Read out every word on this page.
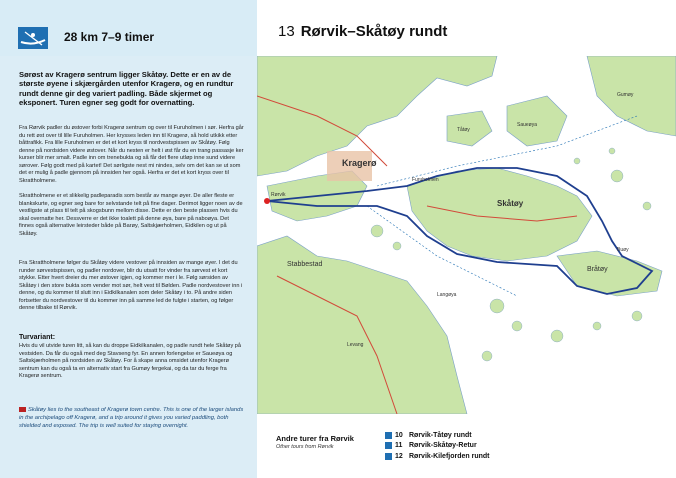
28 km 7–9 timer
Sørøst av Kragerø sentrum ligger Skåtøy. Dette er en av de største øyene i skjærgården utenfor Kragerø, og en rundtur rundt denne gir deg variert padling. Både skjermet og eksponert. Turen egner seg godt for overnatting.
Fra Rørvik padler du østover forbi Kragerø sentrum og over til Furuholmen i sør. Herfra går du rett øst over til lille Furuholmen. Her krysses leden inn til Kragerø, så hold utkikk etter båttrafikk. Fra lille Furuholmen er det et kort kryss til nordvestspissen av Skåtøy. Følg denne på nordsiden videre østover. Når du nesten er helt i øst får du en trang passasje ker kurser blir mer smalt. Padle inn om trenebukta og så får det flere utløp inne sund videre sørover. Følg godt med på kartet! Det sørligste nest mi nindes, selv om det kan se ut som det er mulig å padle gjennom på innsiden her også. Herfra er det et kort kryss over til Skrattholmene.
Skrattholmene er et slikkelig padleparadis som består av mange øyer. De aller fleste er blankskurte, og egner seg bare for selvstande telt på fine dager. Derimot ligger noen av de vestligste at plass til telt på skogsbunn mellom disse. Dette er den beste plassen hvis du skal overnatte her. Dessverre er det ikke toalett på denne øya, bare på naboøya. Det finnes også alternative leirsteder både på Barøy, Saltskjærholmen, Eidkilen og ut på Skåtøy.
Fra Skrattholmene følger du Skåtøy videre vestover på innsiden av mange øyer. I det du runder sørvestspissen, og padler nordover, blir du utsatt for vinder fra sørvest et kort stykke. Etter hvert dreier du mer østover igjen, og kommer mer i le. Følg sørsiden av Skåtøy i den store bukta som vender mot sør, helt vest til Bølden. Padle nordvestover inn i denne, og du kommer til slutt inn i Eidkilkanalen som deler Skåtøy i to. På andre siden fortsetter du nordvestover til du kommer inn på samme led de fulgte i starten, og følger denne tilbake til Rørvik.
Turvariant:
Hvis du vil utvide turen litt, så kan du droppe Eidkilkanalen, og padle rundt hele Skåtøy på vestsiden. Da får du også med deg Stavseng fyr. En annen forlengelse er Saueøya og Saltskjærholmen på nordsiden av Skåtøy. For å skape anna omsidet utenfor Kragerø sentrum kan du også ta en alternativ start fra Gumøy fergekai, og da tar du ferge fra Kragerø sentrum.
Skåtøy lies to the southeast of Kragerø town centre. This is one of the larger islands in the archipelago off Kragerø, and a trip around it gives you varied paddling, both shielded and exposed. The trip is well suited for staying overnight.
13 Rørvik–Skåtøy rundt
Kragerø
Skåtøy
Rørvik
Stabbestad
Bråtøy
Gumøy
Buøy
Furuholmen
Saueøya
Tåtøy
Langøya
Levang
Andre turer fra Rørvik
Other tours from Rørvik
10 Rørvik-Tåtøy rundt
11 Rørvik-Skåtøy-Retur
12 Rørvik-Kilefjorden rundt
